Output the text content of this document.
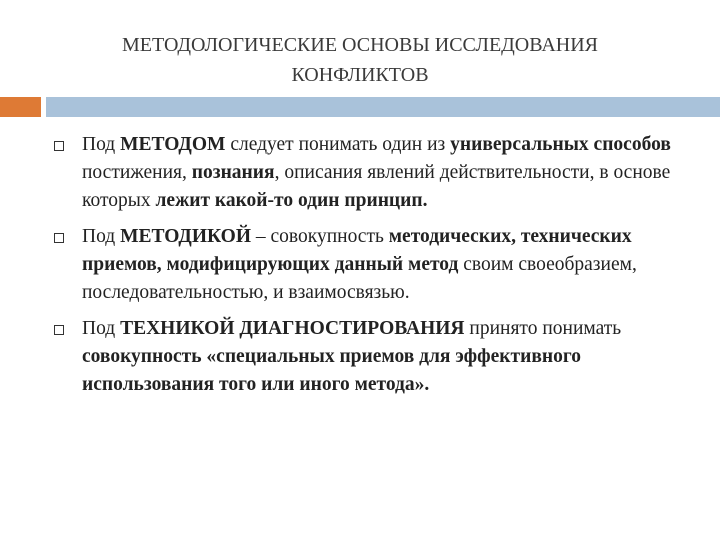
МЕТОДОЛОГИЧЕСКИЕ ОСНОВЫ ИССЛЕДОВАНИЯ
КОНФЛИКТОВ
Под МЕТОДОМ следует понимать один из универсальных способов постижения, познания, описания явлений действительности, в основе которых лежит какой-то один принцип.
Под МЕТОДИКОЙ – совокупность методических, технических приемов, модифицирующих данный метод своим своеобразием, последовательностью, и взаимосвязью.
Под ТЕХНИКОЙ ДИАГНОСТИРОВАНИЯ принято понимать совокупность «специальных приемов для эффективного использования того или иного метода».
